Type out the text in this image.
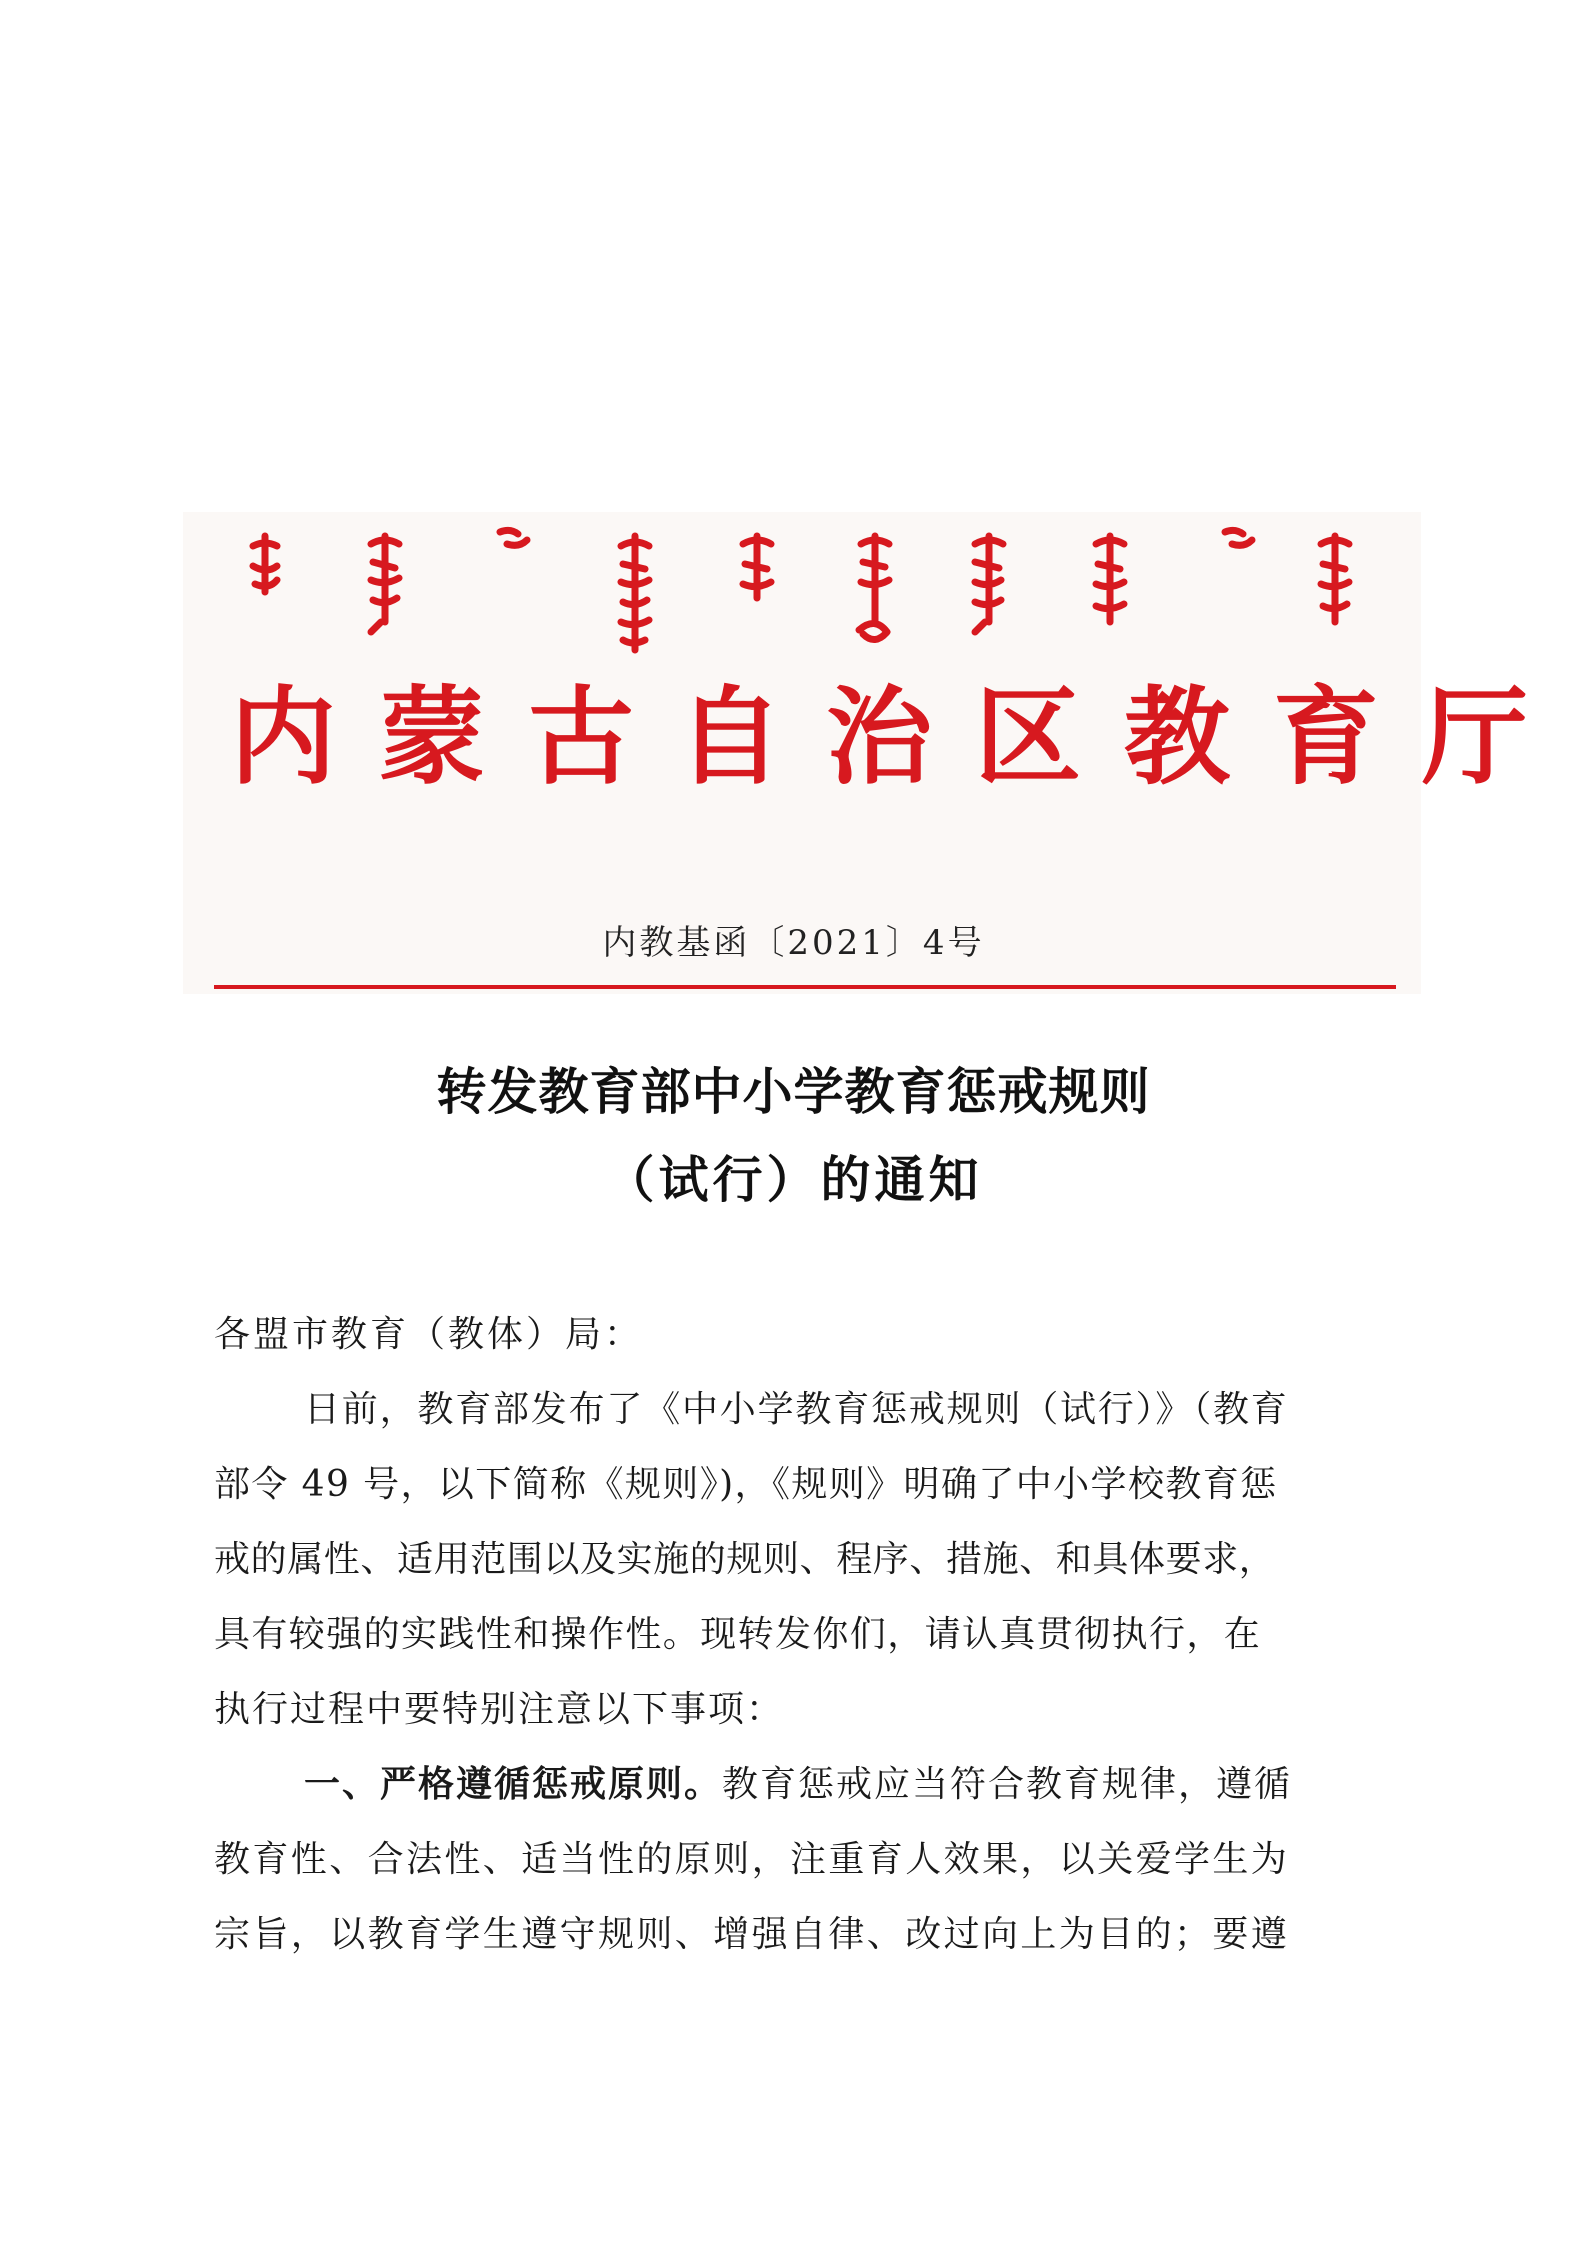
内蒙古自治区教育厅
内教基函〔2021〕4号
转发教育部中小学教育惩戒规则
（试行）的通知
各盟市教育（教体）局：
日前，教育部发布了《中小学教育惩戒规则（试行）》（教育
部令 49 号，以下简称《规则》)，《规则》明确了中小学校教育惩
戒的属性、适用范围以及实施的规则、程序、措施、和具体要求，
具有较强的实践性和操作性。现转发你们，请认真贯彻执行，在
执行过程中要特别注意以下事项：
一、严格遵循惩戒原则。教育惩戒应当符合教育规律，遵循
教育性、合法性、适当性的原则，注重育人效果，以关爱学生为
宗旨，以教育学生遵守规则、增强自律、改过向上为目的；要遵
